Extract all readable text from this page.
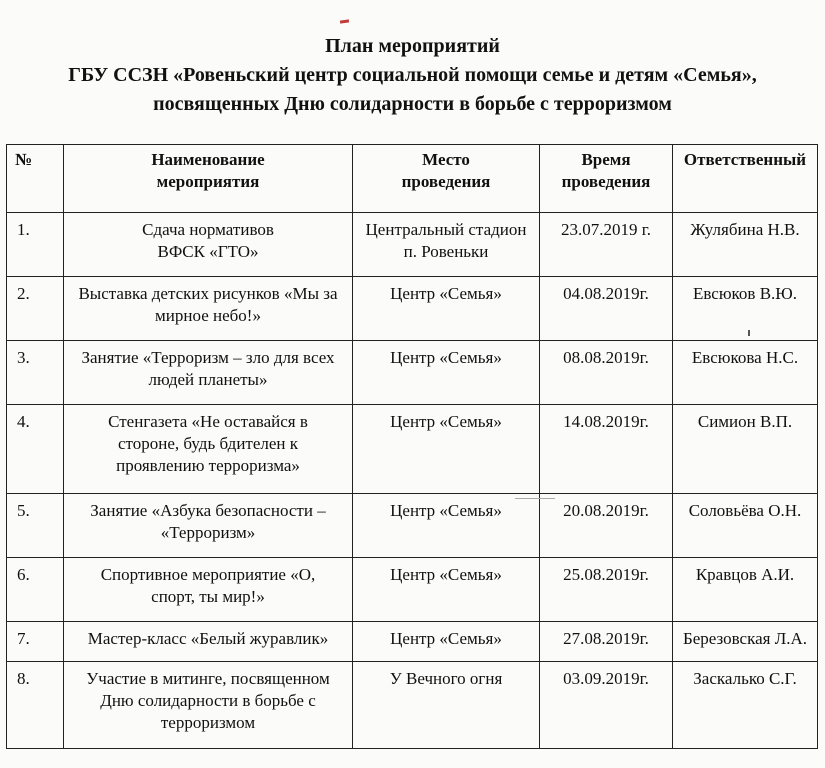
План мероприятий
ГБУ ССЗН «Ровеньский центр социальной помощи семье и детям «Семья»,
посвященных Дню солидарности в борьбе с терроризмом
№	Наименование мероприятия	Место проведения	Время проведения	Ответственный
1.	Сдача нормативов ВФСК «ГТО»	Центральный стадион п. Ровеньки	23.07.2019 г.	Жулябина Н.В.
2.	Выставка детских рисунков «Мы за мирное небо!»	Центр «Семья»	04.08.2019г.	Евсюков В.Ю.
3.	Занятие «Терроризм – зло для всех людей планеты»	Центр «Семья»	08.08.2019г.	Евсюкова Н.С.
4.	Стенгазета «Не оставайся в стороне, будь бдителен к проявлению терроризма»	Центр «Семья»	14.08.2019г.	Симион В.П.
5.	Занятие «Азбука безопасности – «Терроризм»	Центр «Семья»	20.08.2019г.	Соловьёва О.Н.
6.	Спортивное мероприятие «О, спорт, ты мир!»	Центр «Семья»	25.08.2019г.	Кравцов А.И.
7.	Мастер-класс «Белый журавлик»	Центр «Семья»	27.08.2019г.	Березовская Л.А.
8.	Участие в митинге, посвященном Дню солидарности в борьбе с терроризмом	У Вечного огня	03.09.2019г.	Заскалько С.Г.
